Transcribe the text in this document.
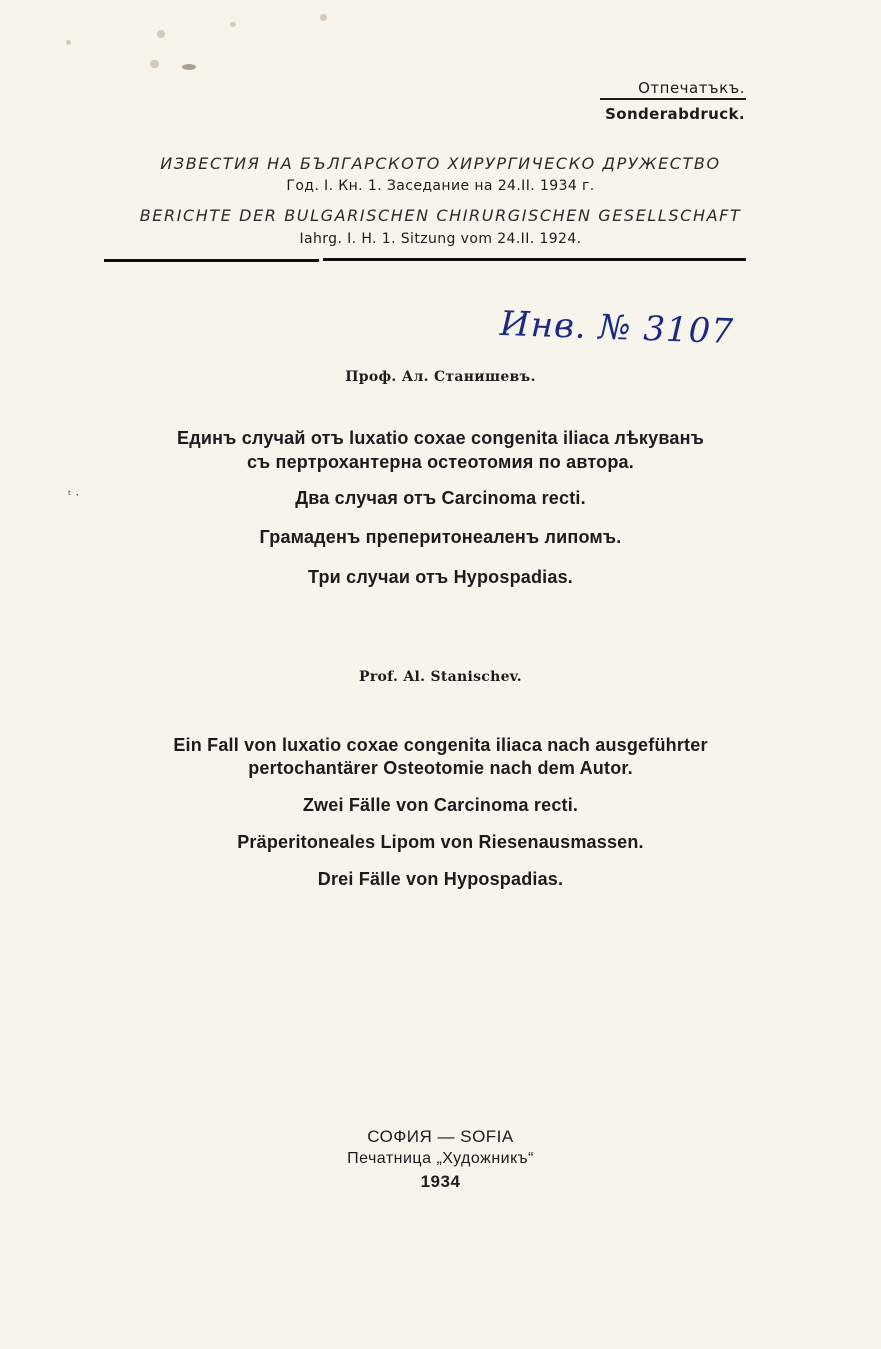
ᵗ ·
Отпечатъкъ.
Sonderabdruck.
ИЗВЕСТИЯ НА БЪЛГАРСКОТО ХИРУРГИЧЕСКО ДРУЖЕСТВО
Год. I. Кн. 1. Заседание на 24.II. 1934 г.
BERICHTE DER BULGARISCHEN CHIRURGISCHEN GESELLSCHAFT
Iahrg. I. H. 1. Sitzung vom 24.II. 1924.
Инв. № 3107
Проф. Ал. Станишевъ.
Единъ случай отъ luxatio coxae congenita iliaca лѣкуванъ
съ пертрохантерна остеотомия по автора.
Два случая отъ Carcinoma recti.
Грамаденъ преперитонеаленъ липомъ.
Три случаи отъ Hypospadias.
Prof. Al. Stanischev.
Ein Fall von luxatio coxae congenita iliaca nach ausgeführter
pertochantärer Osteotomie nach dem Autor.
Zwei Fälle von Carcinoma recti.
Präperitoneales Lipom von Riesenausmassen.
Drei Fälle von Hypospadias.
СОФИЯ — SOFIA
Печатница „Художникъ“
1934
